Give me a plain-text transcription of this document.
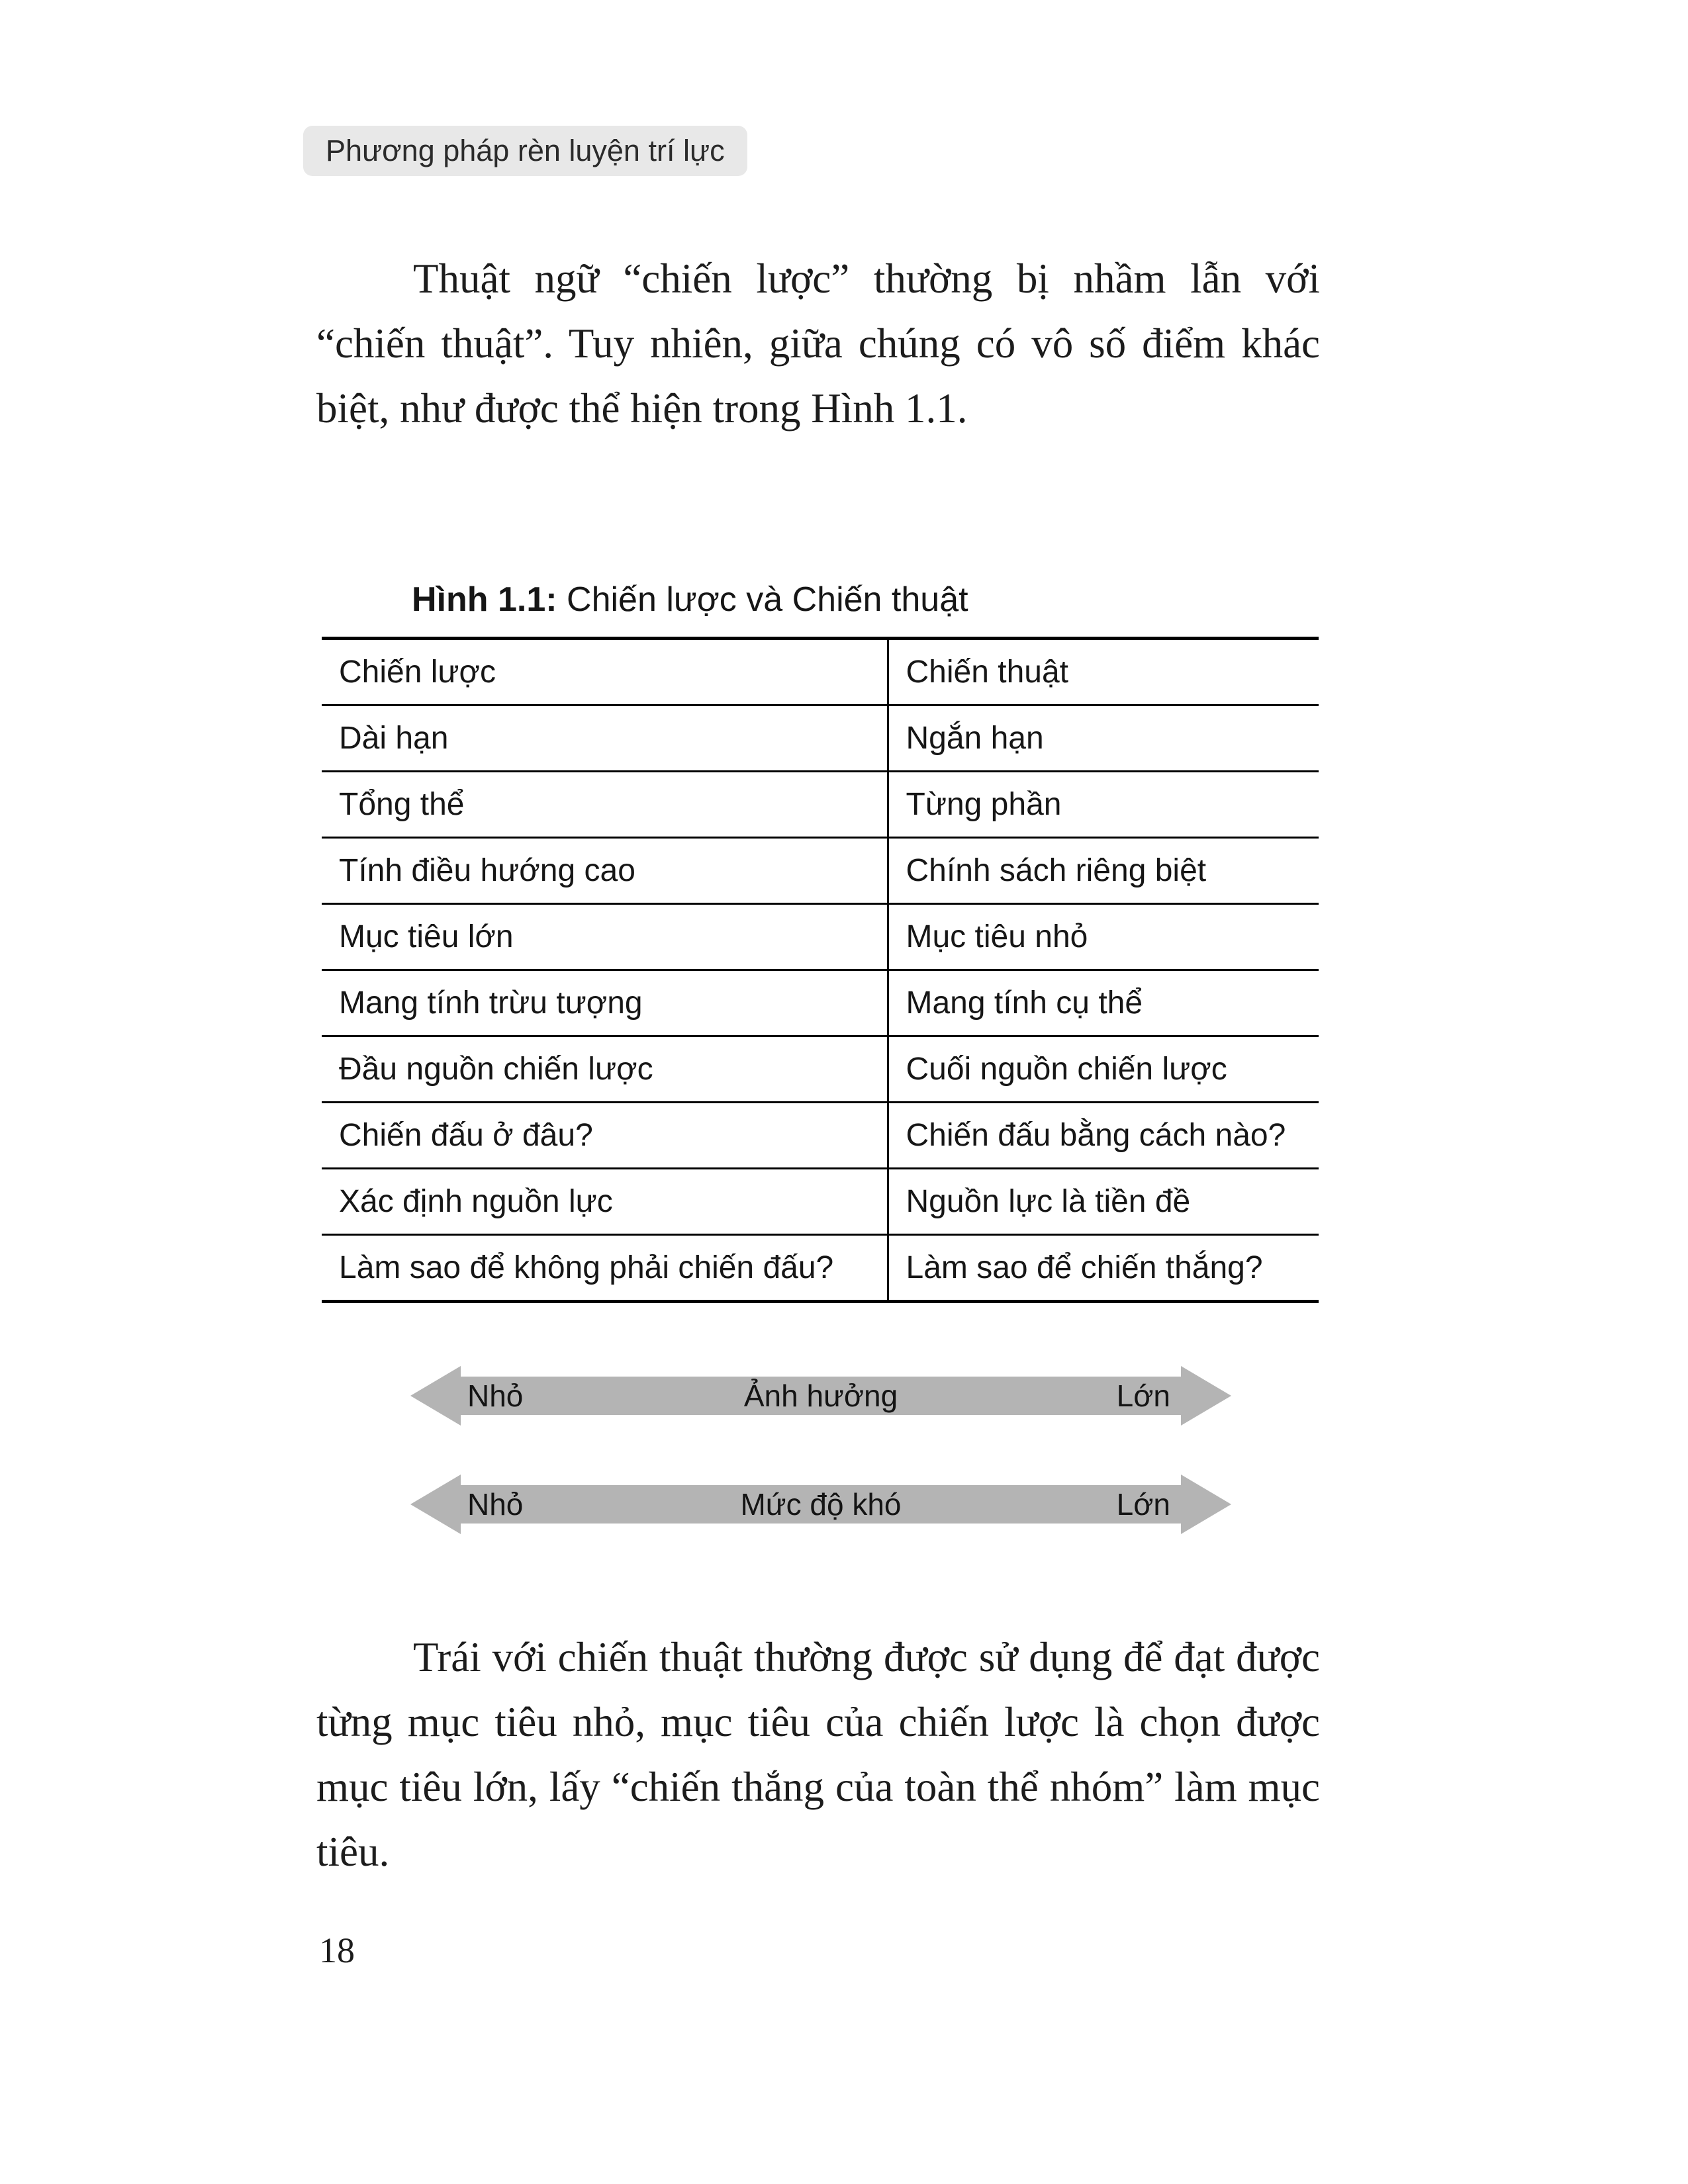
Phương pháp rèn luyện trí lực

Thuật ngữ “chiến lược” thường bị nhầm lẫn với “chiến thuật”. Tuy nhiên, giữa chúng có vô số điểm khác biệt, như được thể hiện trong Hình 1.1.

Hình 1.1: Chiến lược và Chiến thuật
Chiến lược	Chiến thuật
Dài hạn	Ngắn hạn
Tổng thể	Từng phần
Tính điều hướng cao	Chính sách riêng biệt
Mục tiêu lớn	Mục tiêu nhỏ
Mang tính trừu tượng	Mang tính cụ thể
Đầu nguồn chiến lược	Cuối nguồn chiến lược
Chiến đấu ở đâu?	Chiến đấu bằng cách nào?
Xác định nguồn lực	Nguồn lực là tiền đề
Làm sao để không phải chiến đấu?	Làm sao để chiến thắng?
Nhỏ	Ảnh hưởng	Lớn
Nhỏ	Mức độ khó	Lớn

Trái với chiến thuật thường được sử dụng để đạt được từng mục tiêu nhỏ, mục tiêu của chiến lược là chọn được mục tiêu lớn, lấy “chiến thắng của toàn thể nhóm” làm mục tiêu.

18
